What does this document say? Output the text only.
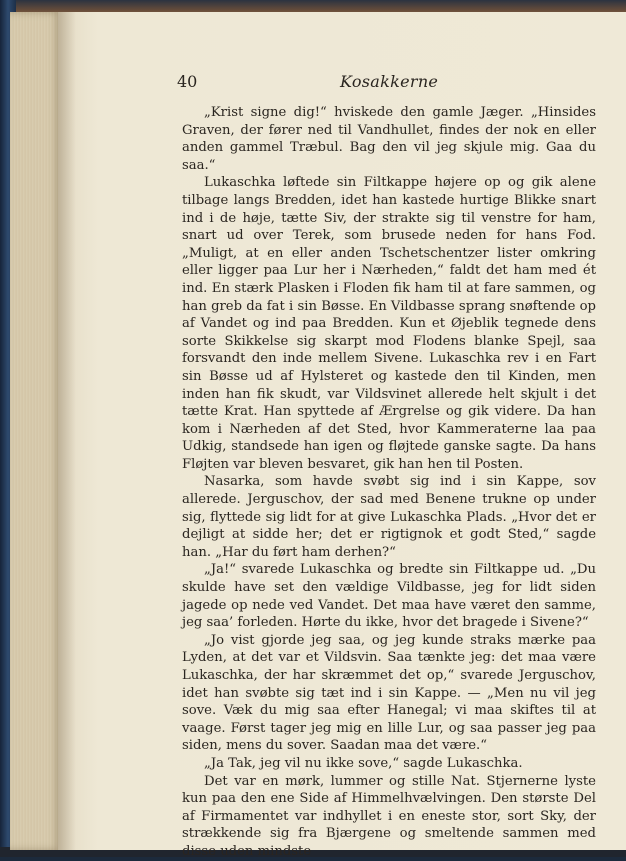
40	Kosakkerne

„Krist signe dig!“ hviskede den gamle Jæger. „Hinsides Graven, der fører ned til Vandhullet, findes der nok en eller anden gammel Træbul. Bag den vil jeg skjule mig. Gaa du saa.“

Lukaschka løftede sin Filtkappe højere op og gik alene tilbage langs Bredden, idet han kastede hurtige Blikke snart ind i de høje, tætte Siv, der strakte sig til venstre for ham, snart ud over Terek, som brusede neden for hans Fod. „Muligt, at en eller anden Tschetschentzer lister omkring eller ligger paa Lur her i Nærheden,“ faldt det ham med ét ind. En stærk Plasken i Floden fik ham til at fare sammen, og han greb da fat i sin Bøsse. En Vildbasse sprang snøftende op af Vandet og ind paa Bredden. Kun et Øjeblik tegnede dens sorte Skikkelse sig skarpt mod Flodens blanke Spejl, saa forsvandt den inde mellem Sivene. Lukaschka rev i en Fart sin Bøsse ud af Hylsteret og kastede den til Kinden, men inden han fik skudt, var Vildsvinet allerede helt skjult i det tætte Krat. Han spyttede af Ærgrelse og gik videre. Da han kom i Nærheden af det Sted, hvor Kammeraterne laa paa Udkig, standsede han igen og fløjtede ganske sagte. Da hans Fløjten var bleven besvaret, gik han hen til Posten.

Nasarka, som havde svøbt sig ind i sin Kappe, sov allerede. Jerguschov, der sad med Benene trukne op under sig, flyttede sig lidt for at give Lukaschka Plads. „Hvor det er dejligt at sidde her; det er rigtignok et godt Sted,“ sagde han. „Har du ført ham derhen?“

„Ja!“ svarede Lukaschka og bredte sin Filtkappe ud. „Du skulde have set den vældige Vildbasse, jeg for lidt siden jagede op nede ved Vandet. Det maa have været den samme, jeg saa’ forleden. Hørte du ikke, hvor det bragede i Sivene?“

„Jo vist gjorde jeg saa, og jeg kunde straks mærke paa Lyden, at det var et Vildsvin. Saa tænkte jeg: det maa være Lukaschka, der har skræmmet det op,“ svarede Jerguschov, idet han svøbte sig tæt ind i sin Kappe. — „Men nu vil jeg sove. Væk du mig saa efter Hanegal; vi maa skiftes til at vaage. Først tager jeg mig en lille Lur, og saa passer jeg paa siden, mens du sover. Saadan maa det være.“

„Ja Tak, jeg vil nu ikke sove,“ sagde Lukaschka.

Det var en mørk, lummer og stille Nat. Stjernerne lyste kun paa den ene Side af Himmelhvælvingen. Den største Del af Firmamentet var indhyllet i en eneste stor, sort Sky, der strækkende sig fra Bjærgene og smeltende sammen med disse uden mindste
